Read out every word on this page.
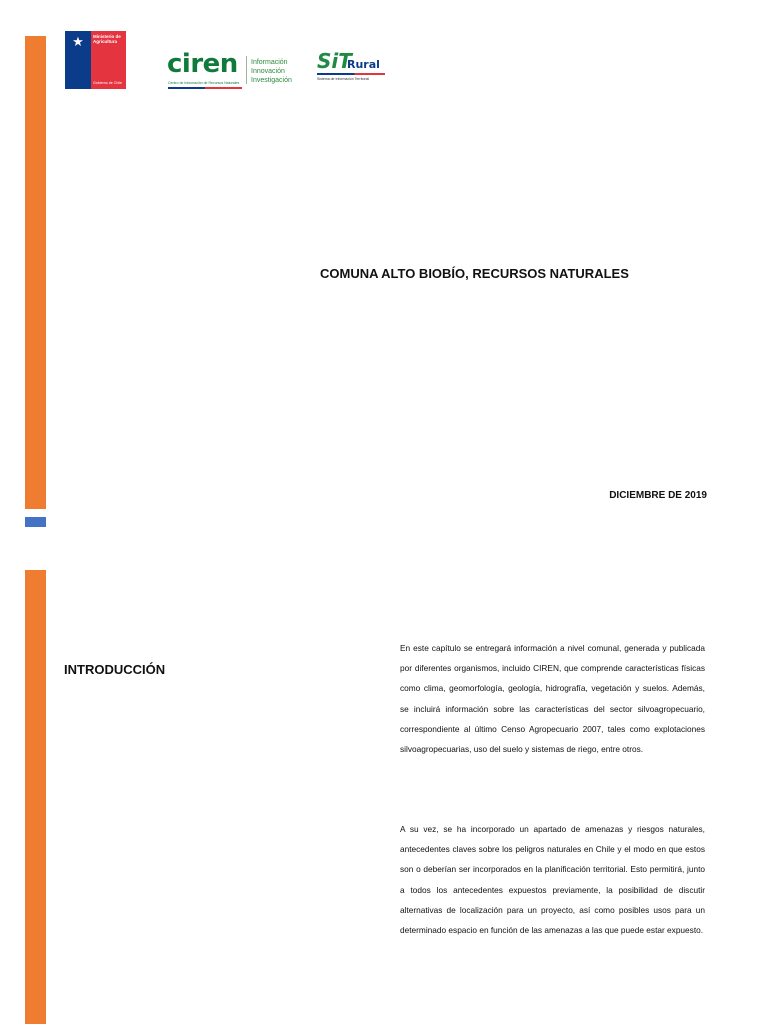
★	Ministerio de Agricultura
Gobierno de Chile
ciren
Centro de Información de Recursos Naturales
Información
Innovación
Investigación
SiT
Rural
Sistema de Información Territorial
COMUNA ALTO BIOBÍO, RECURSOS NATURALES
DICIEMBRE DE 2019
INTRODUCCIÓN

En este capítulo se entregará información a nivel comunal, generada y publicada por diferentes organismos, incluido CIREN, que comprende características físicas como clima, geomorfología, geología, hidrografía, vegetación y suelos. Además, se incluirá información sobre las características del sector silvoagropecuario, correspondiente al último Censo Agropecuario 2007, tales como explotaciones silvoagropecuarias, uso del suelo y sistemas de riego, entre otros.

A su vez, se ha incorporado un apartado de amenazas y riesgos naturales, antecedentes claves sobre los peligros naturales en Chile y el modo en que estos son o deberían ser incorporados en la planificación territorial. Esto permitirá, junto a todos los antecedentes expuestos previamente, la posibilidad de discutir alternativas de localización para un proyecto, así como posibles usos para un determinado espacio en función de las amenazas a las que puede estar expuesto.
